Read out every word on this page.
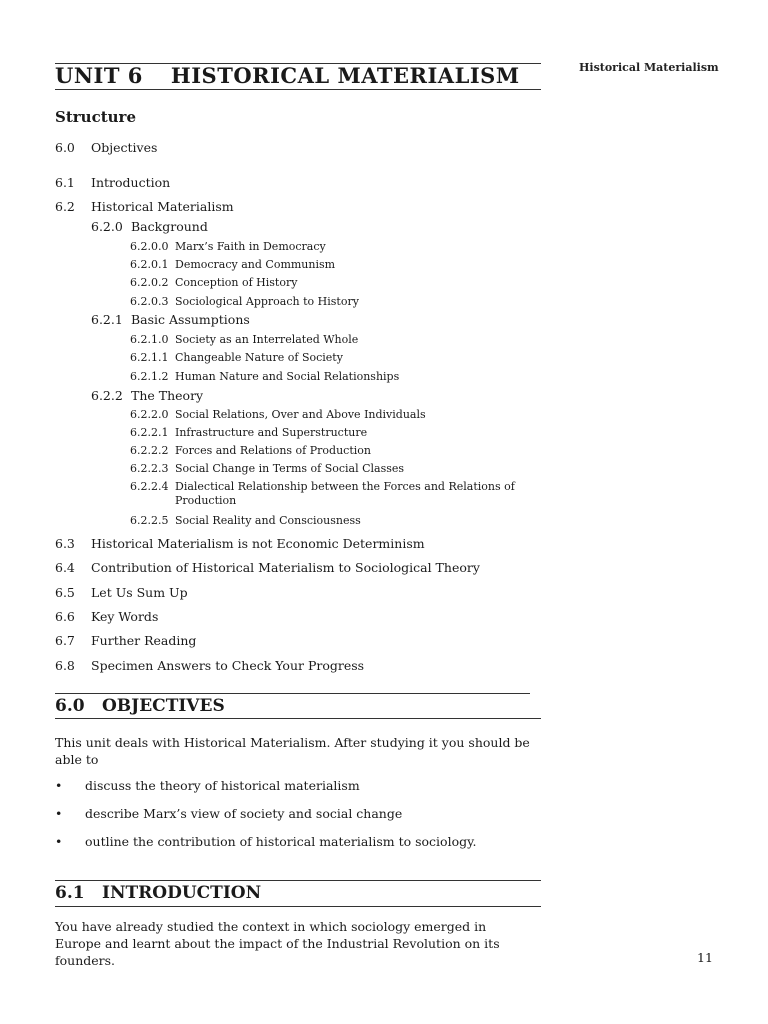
Historical Materialism
UNIT 6 HISTORICAL MATERIALISM
Structure
6.0 Objectives
6.1 Introduction
6.2 Historical Materialism
6.2.0 Background
6.2.0.0 Marx’s Faith in Democracy
6.2.0.1 Democracy and Communism
6.2.0.2 Conception of History
6.2.0.3 Sociological Approach to History
6.2.1 Basic Assumptions
6.2.1.0 Society as an Interrelated Whole
6.2.1.1 Changeable Nature of Society
6.2.1.2 Human Nature and Social Relationships
6.2.2 The Theory
6.2.2.0 Social Relations, Over and Above Individuals
6.2.2.1 Infrastructure and Superstructure
6.2.2.2 Forces and Relations of Production
6.2.2.3 Social Change in Terms of Social Classes
6.2.2.4 Dialectical Relationship between the Forces and Relations of Production
6.2.2.5 Social Reality and Consciousness
6.3 Historical Materialism is not Economic Determinism
6.4 Contribution of Historical Materialism to Sociological Theory
6.5 Let Us Sum Up
6.6 Key Words
6.7 Further Reading
6.8 Specimen Answers to Check Your Progress
6.0 OBJECTIVES
This unit deals with Historical Materialism. After studying it you should be able to
• discuss the theory of historical materialism
• describe Marx’s view of society and social change
• outline the contribution of historical materialism to sociology.
6.1 INTRODUCTION
You have already studied the context in which sociology emerged in Europe and learnt about the impact of the Industrial Revolution on its founders.	11
